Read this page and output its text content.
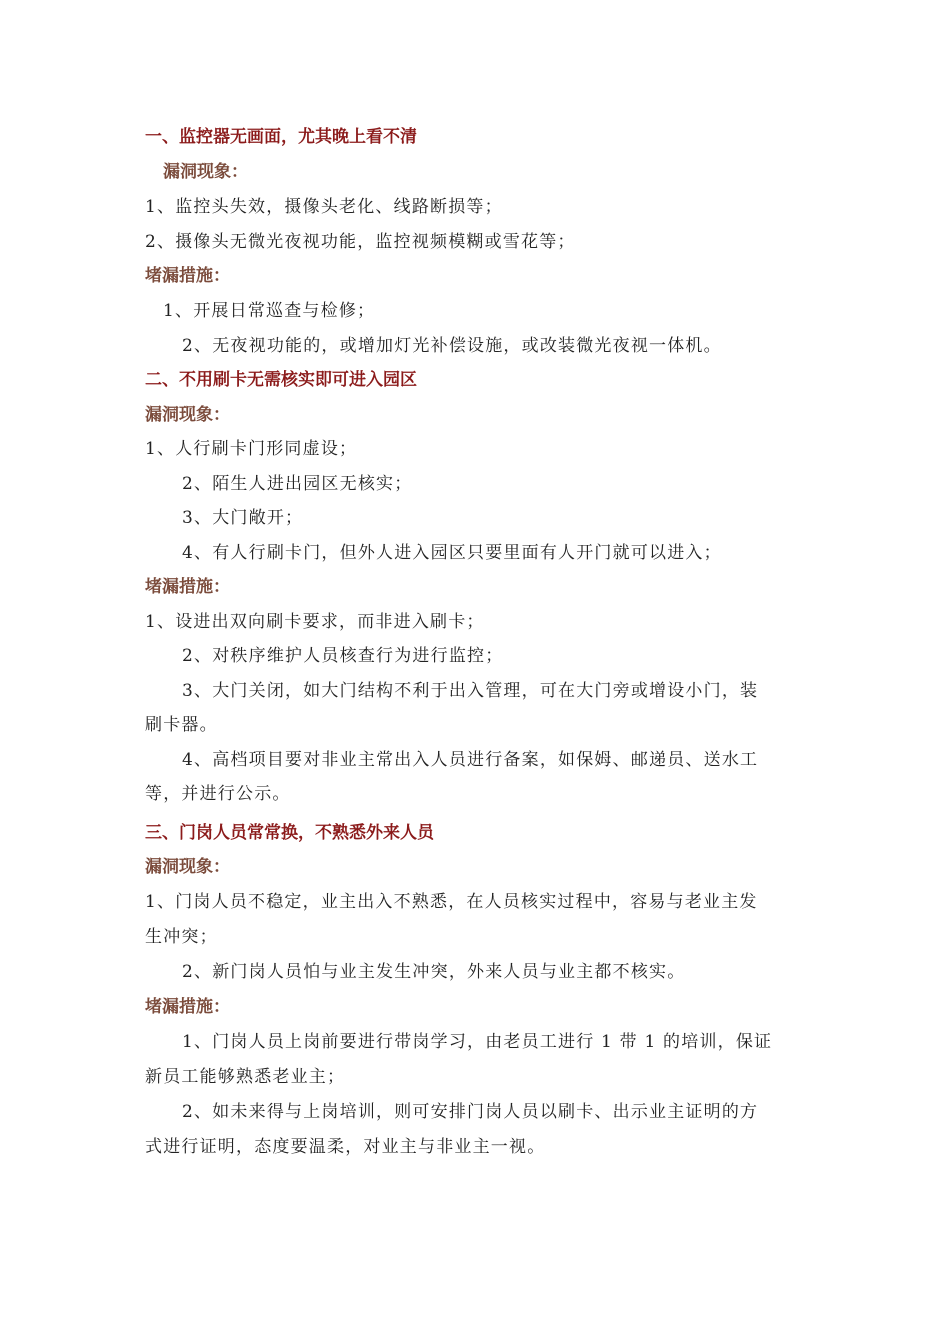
一、监控器无画面，尤其晚上看不清
漏洞现象：
1、监控头失效，摄像头老化、线路断损等；
2、摄像头无微光夜视功能，监控视频模糊或雪花等；
堵漏措施：
1、开展日常巡查与检修；
2、无夜视功能的，或增加灯光补偿设施，或改装微光夜视一体机。
二、不用刷卡无需核实即可进入园区
漏洞现象：
1、人行刷卡门形同虚设；
2、陌生人进出园区无核实；
3、大门敞开；
4、有人行刷卡门，但外人进入园区只要里面有人开门就可以进入；
堵漏措施：
1、设进出双向刷卡要求，而非进入刷卡；
2、对秩序维护人员核查行为进行监控；
3、大门关闭，如大门结构不利于出入管理，可在大门旁或增设小门，装
刷卡器。
4、高档项目要对非业主常出入人员进行备案，如保姆、邮递员、送水工
等，并进行公示。
三、门岗人员常常换，不熟悉外来人员
漏洞现象：
1、门岗人员不稳定，业主出入不熟悉，在人员核实过程中，容易与老业主发
生冲突；
2、新门岗人员怕与业主发生冲突，外来人员与业主都不核实。
堵漏措施：
1、门岗人员上岗前要进行带岗学习，由老员工进行 1 带 1 的培训，保证
新员工能够熟悉老业主；
2、如未来得与上岗培训，则可安排门岗人员以刷卡、出示业主证明的方
式进行证明，态度要温柔，对业主与非业主一视。
